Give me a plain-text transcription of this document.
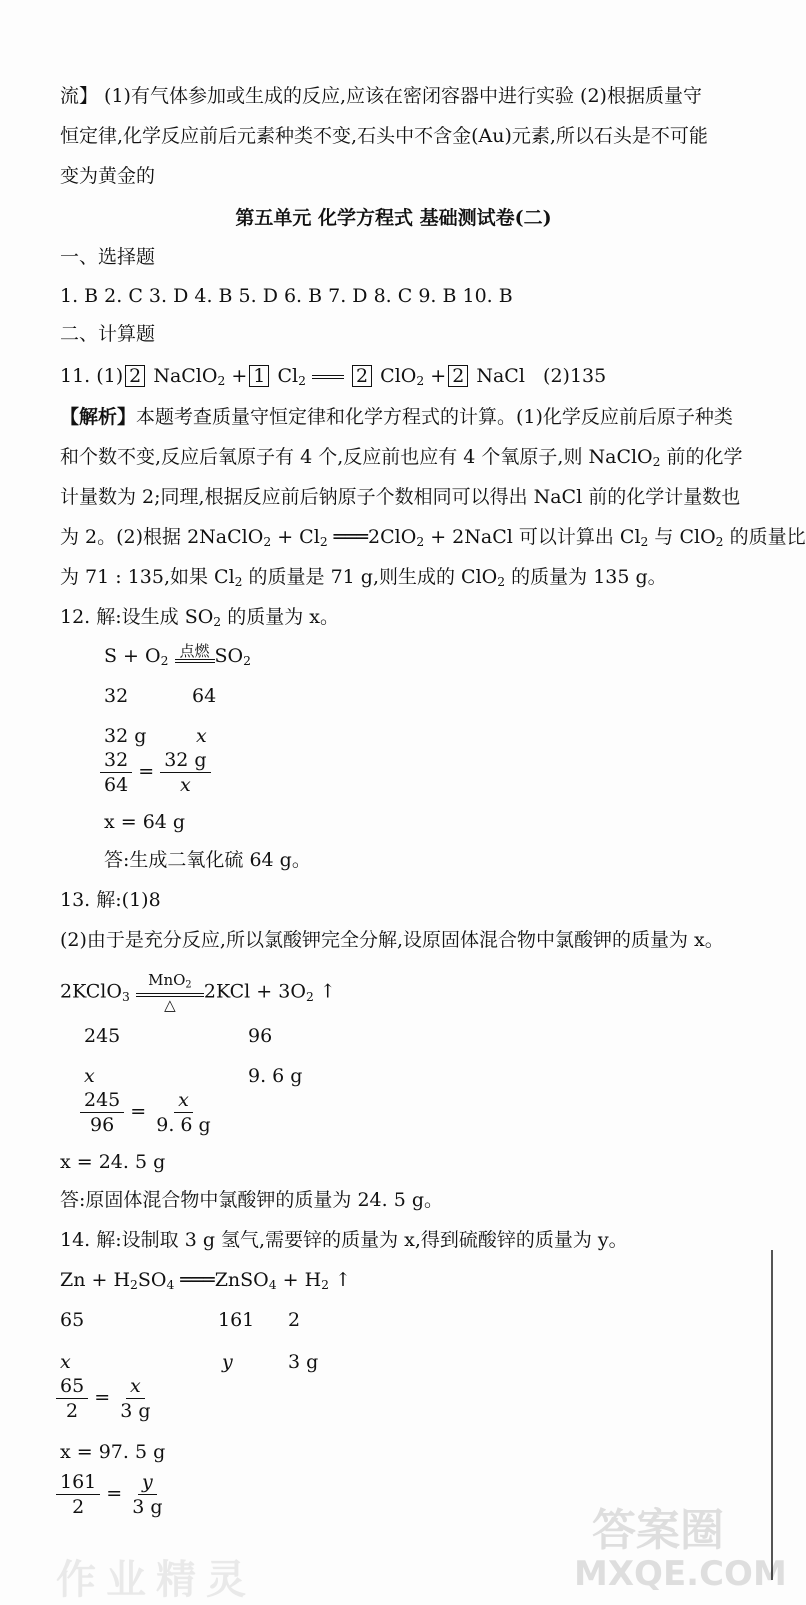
流】 (1)有气体参加或生成的反应,应该在密闭容器中进行实验 (2)根据质量守
恒定律,化学反应前后元素种类不变,石头中不含金(Au)元素,所以石头是不可能
变为黄金的
第五单元 化学方程式 基础测试卷(二)
一、选择题
1. B 2. C 3. D 4. B 5. D 6. B 7. D 8. C 9. B 10. B
二、计算题
11. (1) 2 NaClO$_2$ + 1 $Cl_2$	2 ClO$_2$ + 2 NaCl (2)135
【解析】本题考查质量守恒定律和化学方程式的计算。(1)化学反应前后原子种类
和个数不变,反应后氧原子有 4 个,反应前也应有 4 个氧原子,则 NaClO$_2$ 前的化学
计量数为 2;同理,根据反应前后钠原子个数相同可以得出 NaCl 前的化学计量数也
为 2。(2)根据 2NaClO$_2$ + $Cl_2$ ═══2ClO$_2$ + 2NaCl 可以计算出 $Cl_2$ 与 ClO$_2$ 的质量比
为 71 : 135,如果 $Cl_2$ 的质量是 71 g,则生成的 ClO$_2$ 的质量为 135 g。
12. 解:设生成 $SO_2$ 的质量为 x。
$S + O_2$
点燃 $SO_2$
32	64
32 g	x
$\frac{32}{64} = \frac{32 g}{x}$
x = 64 g
答:生成二氧化硫 64 g。
13. 解:(1)8
(2)由于是充分反应,所以氯酸钾完全分解,设原固体混合物中氯酸钾的质量为 x。
2KClO$_3$
MnO$_2$
△
$2KCl + 3O_2$ ↑
245	96
x	9. 6 g
$\frac{245}{96} = \frac{x}{9. 6 g}$
x = 24. 5 g
答:原固体混合物中氯酸钾的质量为 24. 5 g。
14. 解:设制取 3 g 氢气,需要锌的质量为 x,得到硫酸锌的质量为 y。
$Zn + H_2SO_4$ ═══ZnSO$_4$ + $H_2$ ↑
65	161 2
x	y	3 g
$\frac{65}{2} = \frac{x}{3 g}$
x = 97. 5 g
$\frac{161}{2} = \frac{y}{3 g}$
作业精灵
答案圈
MXQE.COM
